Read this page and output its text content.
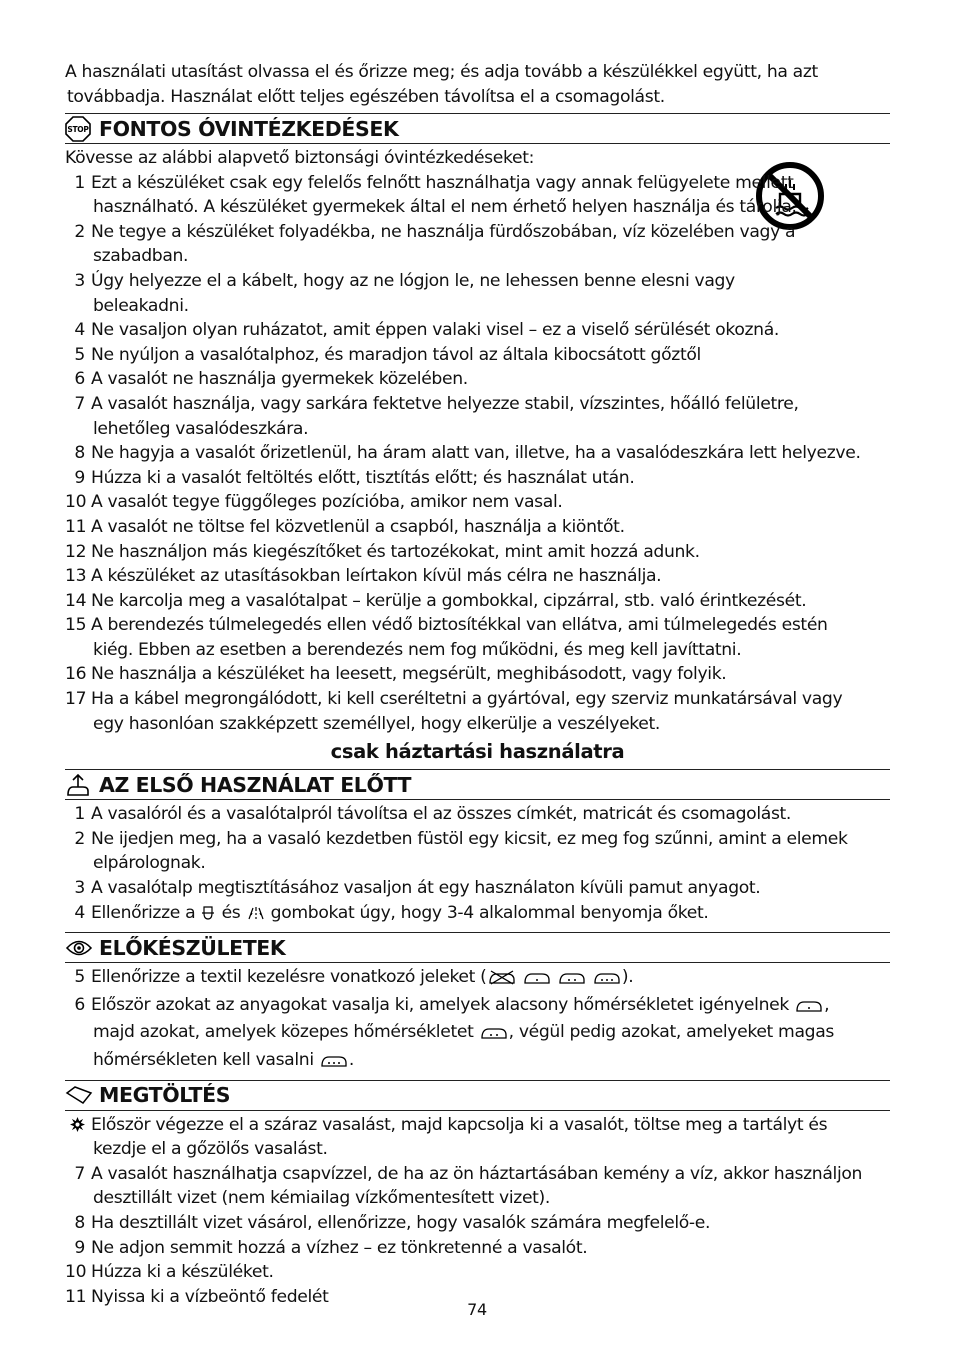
A használati utasítást olvassa el és őrizze meg; és adja tovább a készülékkel együtt, ha azt
továbbadja. Használat előtt teljes egészében távolítsa el a csomagolást.
STOP FONTOS ÓVINTÉZKEDÉSEK
Kövesse az alábbi alapvető biztonsági óvintézkedéseket:
1 Ezt a készüléket csak egy felelős felnőtt használhatja vagy annak felügyelete mellett
használható. A készüléket gyermekek által el nem érhető helyen használja és tárolja.
2 Ne tegye a készüléket folyadékba, ne használja fürdőszobában, víz közelében vagy a
szabadban.
3 Úgy helyezze el a kábelt, hogy az ne lógjon le, ne lehessen benne elesni vagy
beleakadni.
4 Ne vasaljon olyan ruházatot, amit éppen valaki visel – ez a viselő sérülését okozná.
5 Ne nyúljon a vasalótalphoz, és maradjon távol az általa kibocsátott gőztől
6 A vasalót ne használja gyermekek közelében.
7 A vasalót használja, vagy sarkára fektetve helyezze stabil, vízszintes, hőálló felületre,
lehetőleg vasalódeszkára.
8 Ne hagyja a vasalót őrizetlenül, ha áram alatt van, illetve, ha a vasalódeszkára lett helyezve.
9 Húzza ki a vasalót feltöltés előtt, tisztítás előtt; és használat után.
10 A vasalót tegye függőleges pozícióba, amikor nem vasal.
11 A vasalót ne töltse fel közvetlenül a csapból, használja a kiöntőt.
12 Ne használjon más kiegészítőket és tartozékokat, mint amit hozzá adunk.
13 A készüléket az utasításokban leírtakon kívül más célra ne használja.
14 Ne karcolja meg a vasalótalpat – kerülje a gombokkal, cipzárral, stb. való érintkezését.
15 A berendezés túlmelegedés ellen védő biztosítékkal van ellátva, ami túlmelegedés estén
kiég. Ebben az esetben a berendezés nem fog működni, és meg kell javíttatni.
16 Ne használja a készüléket ha leesett, megsérült, meghibásodott, vagy folyik.
17 Ha a kábel megrongálódott, ki kell cseréltetni a gyártóval, egy szerviz munkatársával vagy
egy hasonlóan szakképzett személlyel, hogy elkerülje a veszélyeket.
csak háztartási használatra
AZ ELSŐ HASZNÁLAT ELŐTT
1 A vasalóról és a vasalótalpról távolítsa el az összes címkét, matricát és csomagolást.
2 Ne ijedjen meg, ha a vasaló kezdetben füstöl egy kicsit, ez meg fog szűnni, amint a elemek
elpárolognak.
3 A vasalótalp megtisztításához vasaljon át egy használaton kívüli pamut anyagot.
4 Ellenőrizze a és gombokat úgy, hogy 3-4 alkalommal benyomja őket.
ELŐKÉSZÜLETEK
5 Ellenőrizze a textil kezelésre vonatkozó jeleket (	).
6 Először azokat az anyagokat vasalja ki, amelyek alacsony hőmérsékletet igényelnek ,
majd azokat, amelyek közepes hőmérsékletet , végül pedig azokat, amelyeket magas
hőmérsékleten kell vasalni .
MEGTÖLTÉS
Először végezze el a száraz vasalást, majd kapcsolja ki a vasalót, töltse meg a tartályt és
kezdje el a gőzölős vasalást.
7 A vasalót használhatja csapvízzel, de ha az ön háztartásában kemény a víz, akkor használjon
desztillált vizet (nem kémiailag vízkőmentesített vizet).
8 Ha desztillált vizet vásárol, ellenőrizze, hogy vasalók számára megfelelő-e.
9 Ne adjon semmit hozzá a vízhez – ez tönkretenné a vasalót.
10 Húzza ki a készüléket.
11 Nyissa ki a vízbeöntő fedelét
74
